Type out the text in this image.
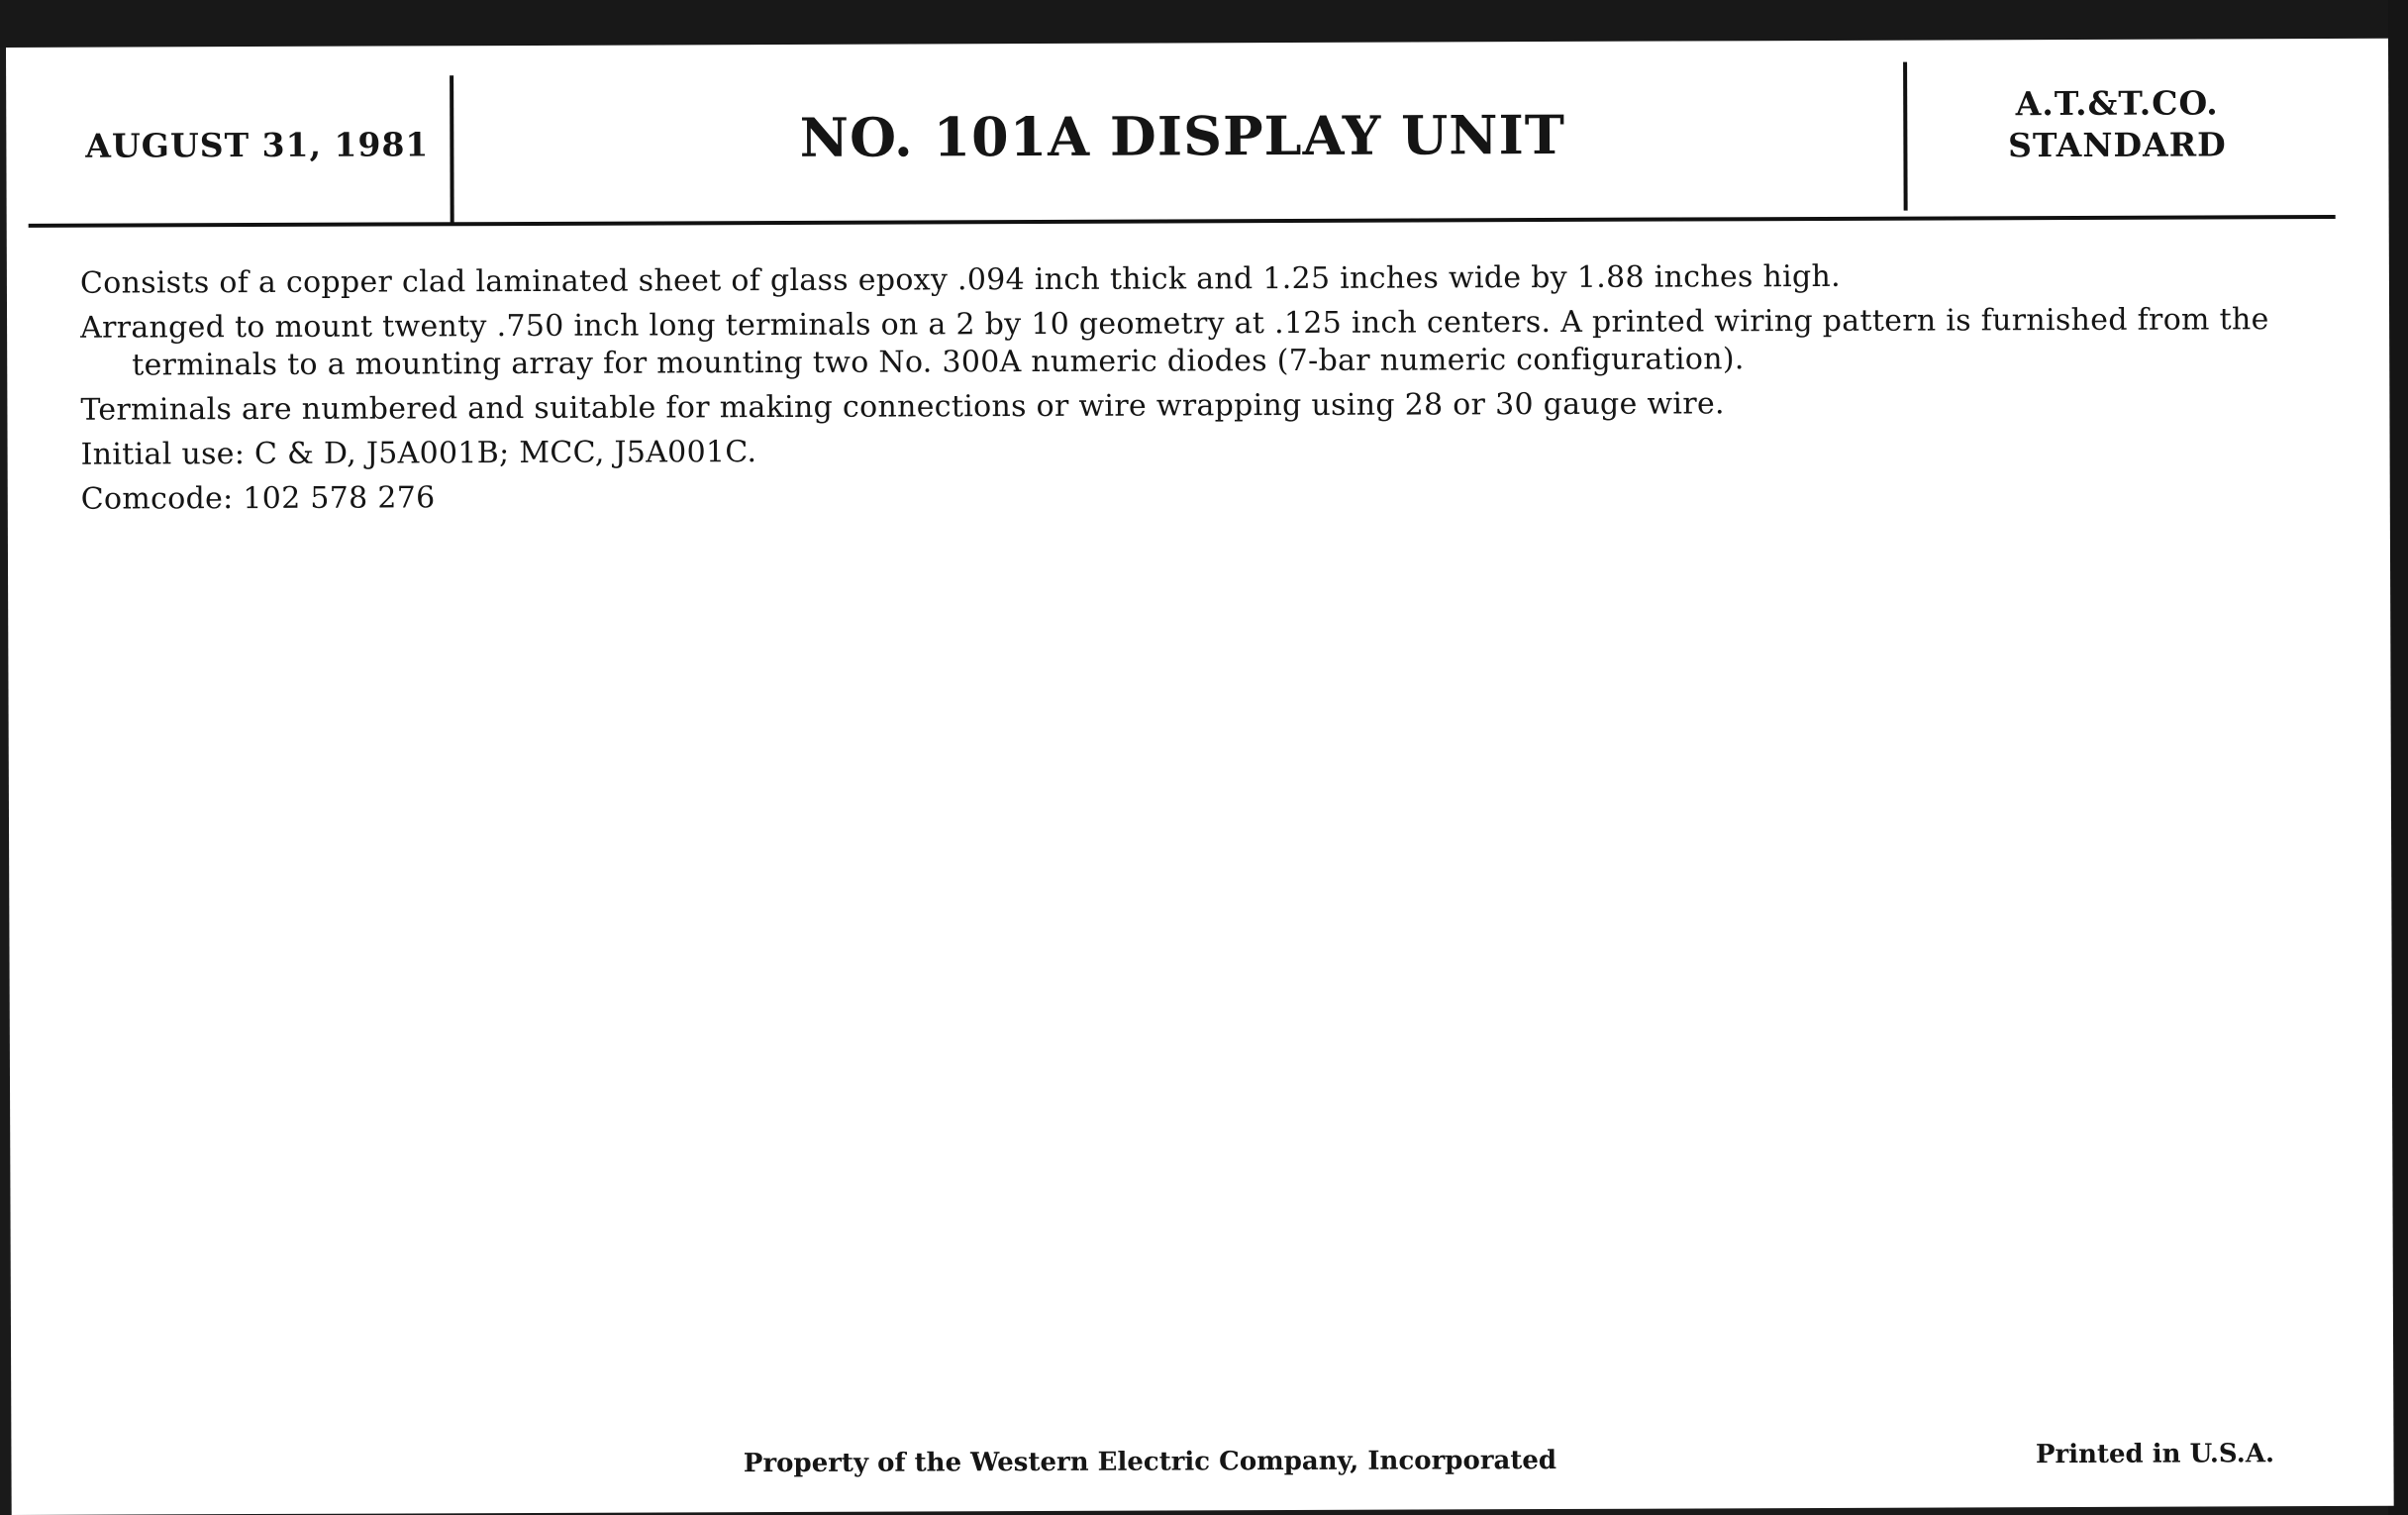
AUGUST 31, 1981	NO. 101A DISPLAY UNIT	A.T.&T.CO.
STANDARD

Consists of a copper clad laminated sheet of glass epoxy .094 inch thick and 1.25 inches wide by 1.88 inches high.

Arranged to mount twenty .750 inch long terminals on a 2 by 10 geometry at .125 inch centers. A printed wiring pattern is furnished from the terminals to a mounting array for mounting two No. 300A numeric diodes (7-bar numeric configuration).

Terminals are numbered and suitable for making connections or wire wrapping using 28 or 30 gauge wire.

Initial use: C & D, J5A001B; MCC, J5A001C.

Comcode: 102 578 276

Property of the Western Electric Company, Incorporated	Printed in U.S.A.
